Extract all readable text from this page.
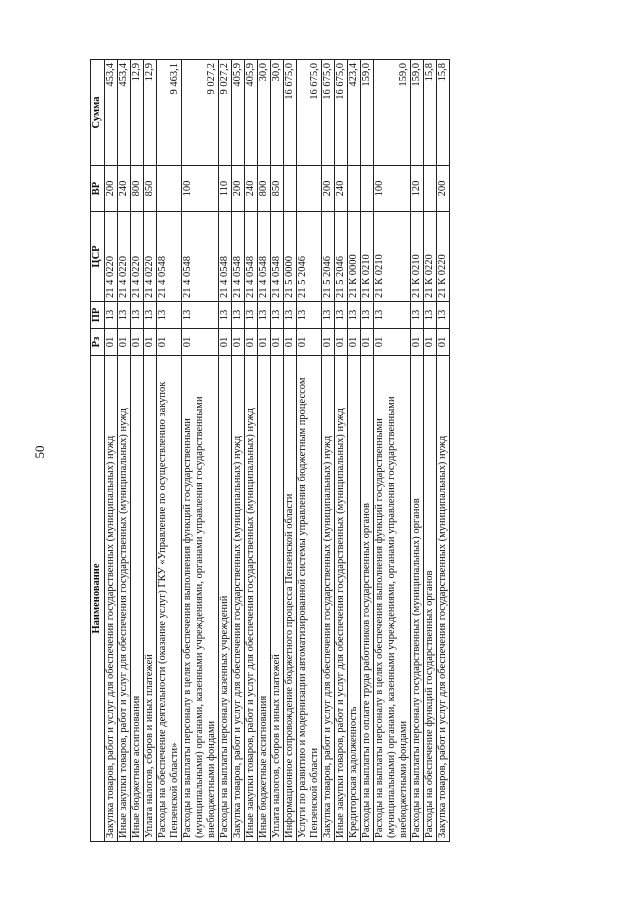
50
Наименование	Рз	ПР	ЦСР	ВР	Сумма
Закупка товаров, работ и услуг для обеспечения государственных (муниципальных) нужд	01	13	21 4 0220	200	453,4
Иные закупки товаров, работ и услуг для обеспечения государственных (муниципальных) нужд	01	13	21 4 0220	240	453,4
Иные бюджетные ассигнования	01	13	21 4 0220	800	12,9
Уплата налогов, сборов и иных платежей	01	13	21 4 0220	850	12,9
Расходы на обеспечение деятельности (оказание услуг) ГКУ «Управление по осуществлению закупок Пензенской области»	01	13	21 4 0548		9 463,1
Расходы на выплаты персоналу в целях обеспечения выполнения функций государственными (муниципальными) органами, казенными учреждениями, органами управления государственными внебюджетными фондами	01	13	21 4 0548	100	9 027,2
Расходы на выплаты персоналу казенных учреждений	01	13	21 4 0548	110	9 027,2
Закупка товаров, работ и услуг для обеспечения государственных (муниципальных) нужд	01	13	21 4 0548	200	405,9
Иные закупки товаров, работ и услуг для обеспечения государственных (муниципальных) нужд	01	13	21 4 0548	240	405,9
Иные бюджетные ассигнования	01	13	21 4 0548	800	30,0
Уплата налогов, сборов и иных платежей	01	13	21 4 0548	850	30,0
Информационное сопровождение бюджетного процесса Пензенской области	01	13	21 5 0000		16 675,0
Услуги по развитию и модернизации автоматизированной системы управления бюджетным процессом Пензенской области	01	13	21 5 2046		16 675,0
Закупка товаров, работ и услуг для обеспечения государственных (муниципальных) нужд	01	13	21 5 2046	200	16 675,0
Иные закупки товаров, работ и услуг для обеспечения государственных (муниципальных) нужд	01	13	21 5 2046	240	16 675,0
Кредиторская задолженность	01	13	21 К 0000		423,4
Расходы на выплаты по оплате труда работников государственных органов	01	13	21 К 0210		159,0
Расходы на выплаты персоналу в целях обеспечения выполнения функций государственными (муниципальными) органами, казенными учреждениями, органами управления государственными внебюджетными фондами	01	13	21 К 0210	100	159,0
Расходы на выплаты персоналу государственных (муниципальных) органов	01	13	21 К 0210	120	159,0
Расходы на обеспечение функций государственных органов	01	13	21 К 0220		15,8
Закупка товаров, работ и услуг для обеспечения государственных (муниципальных) нужд	01	13	21 К 0220	200	15,8
